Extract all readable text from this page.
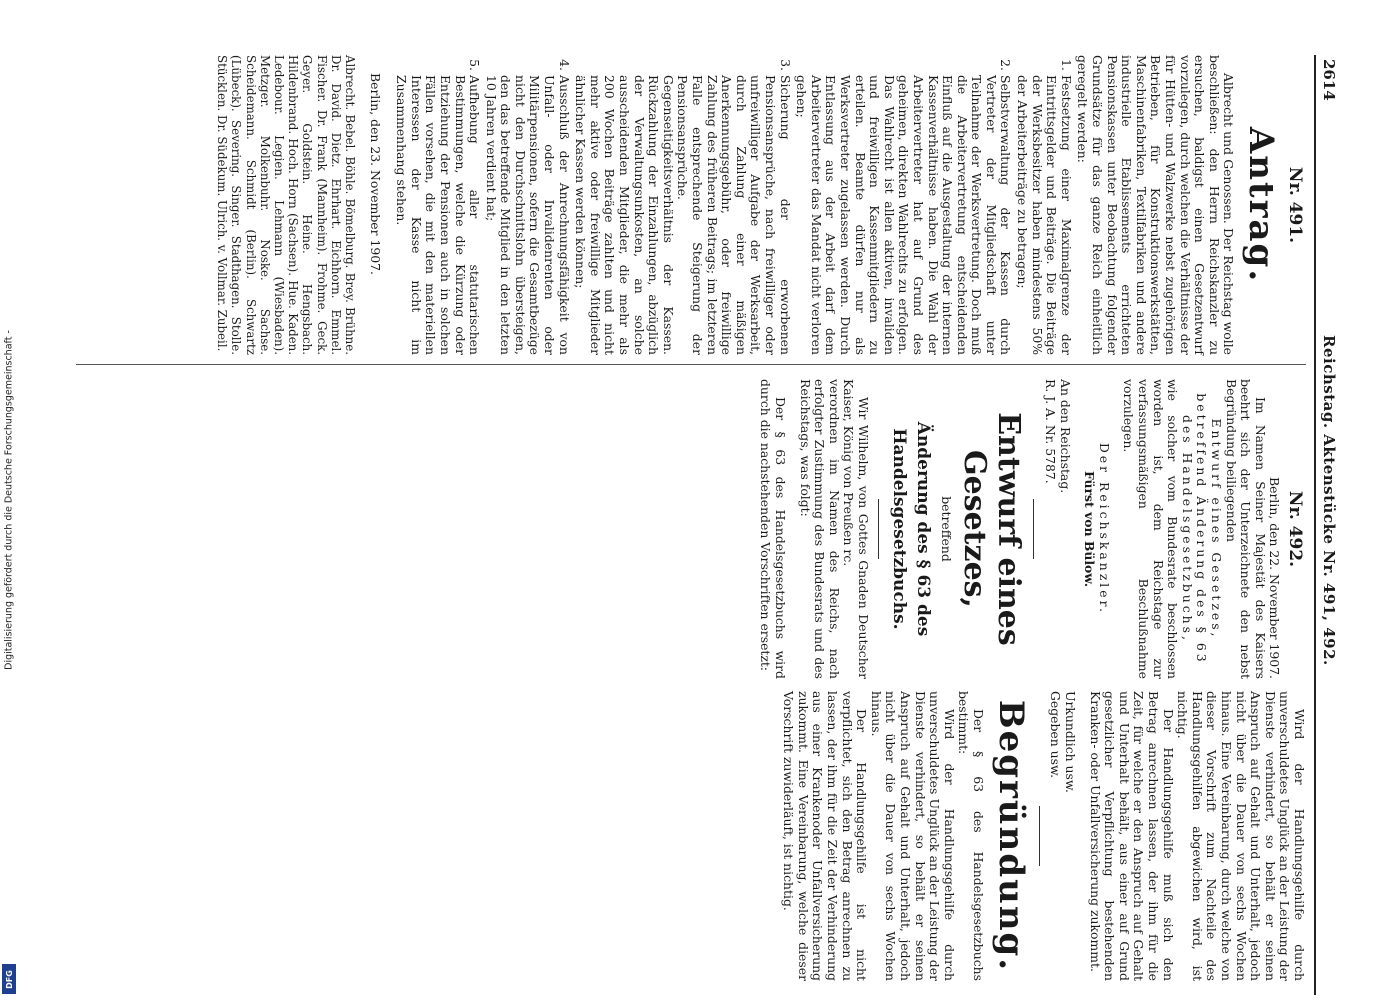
Digitalisierung gefördert durch die Deutsche Forschungsgemeinschaft -
DFG
2614
Reichstag. Aktenstücke Nr. 491, 492.
Nr. 491.
Antrag.

Albrecht und Genossen. Der Reichstag wolle beschließen: den Herrn Reichskanzler zu ersuchen, baldigst einen Gesetzentwurf vorzulegen, durch welchen die Verhältnisse der für Hütten- und Walzwerke nebst zugehörigen Betrieben, für Konstruktionswerkstätten, Maschinenfabriken, Textilfabriken und andere industrielle Etablissements errichteten Pensionskassen unter Beobachtung folgender Grundsätze für das ganze Reich einheitlich geregelt werden:

1.

Festsetzung einer Maximalgrenze der Eintrittsgelder und Beiträge. Die Beiträge der Werksbesitzer haben mindestens 50% der Arbeiterbeiträge zu betragen;

2.

Selbstverwaltung der Kassen durch Vertreter der Mitgliedschaft unter Teilnahme der Werksvertretung. Doch muß die Arbeitervertretung entscheidenden Einfluß auf die Ausgestaltung der internen Kassenverhältnisse haben. Die Wahl der Arbeitervertreter hat auf Grund des geheimen, direkten Wahlrechts zu erfolgen. Das Wahlrecht ist allen aktiven, invaliden und freiwilligen Kassenmitgliedern zu erteilen. Beamte dürfen nur als Werksvertreter zugelassen werden. Durch Entlassung aus der Arbeit darf dem Arbeitervertreter das Mandat nicht verloren gehen;

3.

Sicherung der erworbenen Pensionsansprüche, nach freiwilliger oder unfreiwilliger Aufgabe der Werksarbeit, durch Zahlung einer mäßigen Anerkennungsgebühr, oder freiwillige Zahlung des früheren Beitrags; im letzteren Falle entsprechende Steigerung der Pensionsansprüche. Gegenseitigkeitsverhältnis der Kassen. Rückzahlung der Einzahlungen, abzüglich der Verwaltungsunkosten, an solche ausscheidenden Mitglieder, die mehr als 200 Wochen Beiträge zahlten und nicht mehr aktive oder freiwillige Mitglieder ähnlicher Kassen werden können;

4.

Ausschluß der Anrechnungsfähigkeit von Unfall- oder Invalidenrenten oder Militärpensionen, sofern die Gesamtbezüge nicht den Durchschnittslohn übersteigen, den das betreffende Mitglied in den letzten 10 Jahren verdient hat;

5.

Aufhebung aller statutarischen Bestimmungen, welche die Kürzung oder Entziehung der Pensionen auch in solchen Fällen vorsehen, die mit den materiellen Interessen der Kasse nicht im Zusammenhang stehen.

Berlin, den 23. November 1907.

Albrecht. Bebel. Böhle. Bömelburg. Brey. Brühne. Dr. David. Dietz. Ehrhart. Eichhorn. Emmel. Fischer. Dr. Frank (Mannheim). Frohme. Geck. Geyer. Goldstein. Heine. Hengsbach. Hildenbrand. Hoch. Horn (Sachsen). Hue. Kaden. Ledebour. Legien. Lehmann (Wiesbaden). Metzger. Molkenbuhr. Noske. Sachse. Scheidemann. Schmidt (Berlin). Schwartz (Lübeck). Severing. Singer. Stadthagen. Stolle. Stücklen. Dr. Südekum. Ulrich. v. Vollmar. Zubeil.

Nr. 492.

Berlin, den 22. November 1907.

Im Namen Seiner Majestät des Kaisers beehrt sich der Unterzeichnete den nebst Begründung beiliegenden

Entwurf eines Gesetzes, betreffend Änderung des § 63 des Handelsgesetzbuchs,

wie solcher vom Bundesrate beschlossen worden ist, dem Reichstage zur verfassungsmäßigen Beschlußnahme vorzulegen.

Der Reichskanzler.

Fürst von Bülow.

An den Reichstag.

R. J. A. Nr. 5787.

Entwurf eines Gesetzes,

betreffend

Änderung des § 63 des Handelsgesetzbuchs.

Wir Wilhelm, von Gottes Gnaden Deutscher Kaiser, König von Preußen rc.

verordnen im Namen des Reichs, nach erfolgter Zustimmung des Bundesrats und des Reichstags, was folgt:

Der § 63 des Handelsgesetzbuchs wird durch die nachstehenden Vorschriften ersetzt:

Wird der Handlungsgehilfe durch unverschuldetes Unglück an der Leistung der Dienste verhindert, so behält er seinen Anspruch auf Gehalt und Unterhalt, jedoch nicht über die Dauer von sechs Wochen hinaus. Eine Vereinbarung, durch welche von dieser Vorschrift zum Nachteile des Handlungsgehilfen abgewichen wird, ist nichtig.

Der Handlungsgehilfe muß sich den Betrag anrechnen lassen, der ihm für die Zeit, für welche er den Anspruch auf Gehalt und Unterhalt behält, aus einer auf Grund gesetzlicher Verpflichtung bestehenden Kranken- oder Unfallversicherung zukommt.

Urkundlich usw.

Gegeben usw.

Begründung.

Der § 63 des Handelsgesetzbuchs bestimmt:

Wird der Handlungsgehilfe durch unverschuldetes Unglück an der Leistung der Dienste verhindert, so behält er seinen Anspruch auf Gehalt und Unterhalt, jedoch nicht über die Dauer von sechs Wochen hinaus.

Der Handlungsgehilfe ist nicht verpflichtet, sich den Betrag anrechnen zu lassen, der ihm für die Zeit der Verhinderung aus einer Krankenoder Unfallversicherung zukommt. Eine Vereinbarung, welche dieser Vorschrift zuwiderläuft, ist nichtig.
